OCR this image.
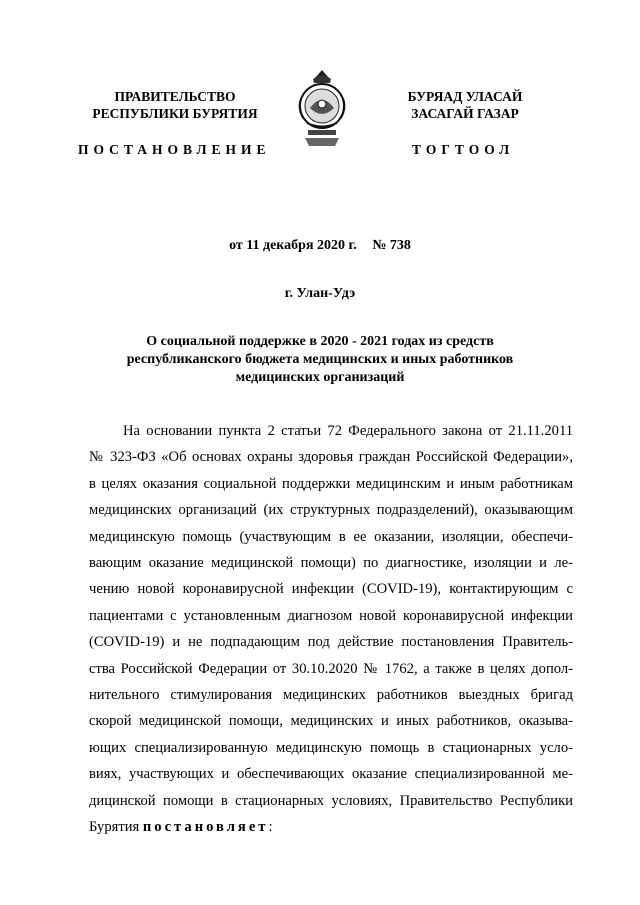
ПРАВИТЕЛЬСТВО
РЕСПУБЛИКИ БУРЯТИЯ
БУРЯАД УЛАСАЙ
ЗАСАГАЙ ГАЗАР
ПОСТАНОВЛЕНИЕ	ТОГТООЛ
от 11 декабря 2020 г. № 738
г. Улан-Удэ
О социальной поддержке в 2020 - 2021 годах из средств
республиканского бюджета медицинских и иных работников
медицинских организаций
На основании пункта 2 статьи 72 Федерального закона от 21.11.2011
№ 323-ФЗ «Об основах охраны здоровья граждан Российской Федерации»,
в целях оказания социальной поддержки медицинским и иным работникам
медицинских организаций (их структурных подразделений), оказывающим
медицинскую помощь (участвующим в ее оказании, изоляции, обеспечи-
вающим оказание медицинской помощи) по диагностике, изоляции и ле-
чению новой коронавирусной инфекции (COVID-19), контактирующим с
пациентами с установленным диагнозом новой коронавирусной инфекции
(COVID-19) и не подпадающим под действие постановления Правитель-
ства Российской Федерации от 30.10.2020 № 1762, а также в целях допол-
нительного стимулирования медицинских работников выездных бригад
скорой медицинской помощи, медицинских и иных работников, оказыва-
ющих специализированную медицинскую помощь в стационарных усло-
виях, участвующих и обеспечивающих оказание специализированной ме-
дицинской помощи в стационарных условиях, Правительство Республики
Бурятия постановляет:
